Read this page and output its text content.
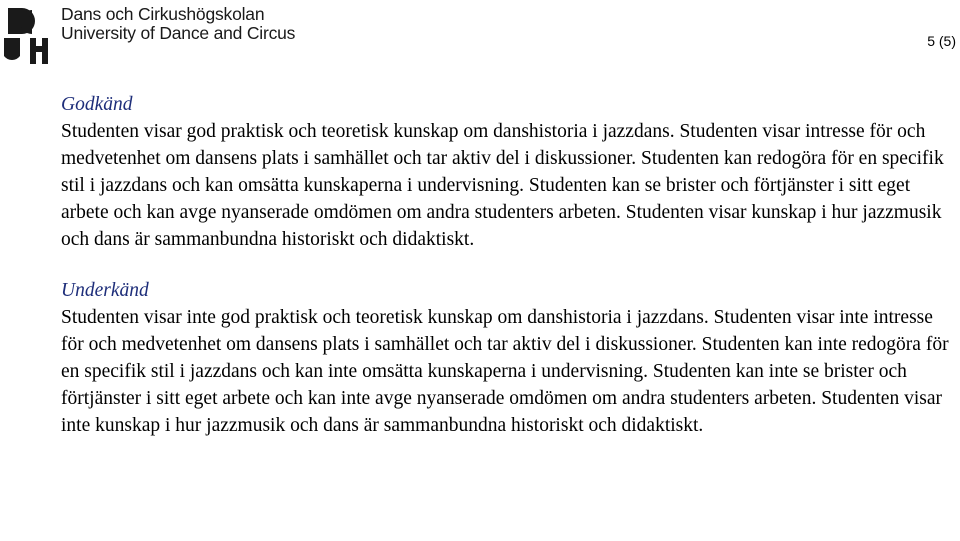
Dans och Cirkushögskolan
University of Dance and Circus	5 (5)
Godkänd
Studenten visar god praktisk och teoretisk kunskap om danshistoria i jazzdans. Studenten visar intresse för och medvetenhet om dansens plats i samhället och tar aktiv del i diskussioner. Studenten kan redogöra för en specifik stil i jazzdans och kan omsätta kunskaperna i undervisning. Studenten kan se brister och förtjänster i sitt eget arbete och kan avge nyanserade omdömen om andra studenters arbeten. Studenten visar kunskap i hur jazzmusik och dans är sammanbundna historiskt och didaktiskt.
Underkänd
Studenten visar inte god praktisk och teoretisk kunskap om danshistoria i jazzdans. Studenten visar inte intresse för och medvetenhet om dansens plats i samhället och tar aktiv del i diskussioner. Studenten kan inte redogöra för en specifik stil i jazzdans och kan inte omsätta kunskaperna i undervisning. Studenten kan inte se brister och förtjänster i sitt eget arbete och kan inte avge nyanserade omdömen om andra studenters arbeten. Studenten visar inte kunskap i hur jazzmusik och dans är sammanbundna historiskt och didaktiskt.
